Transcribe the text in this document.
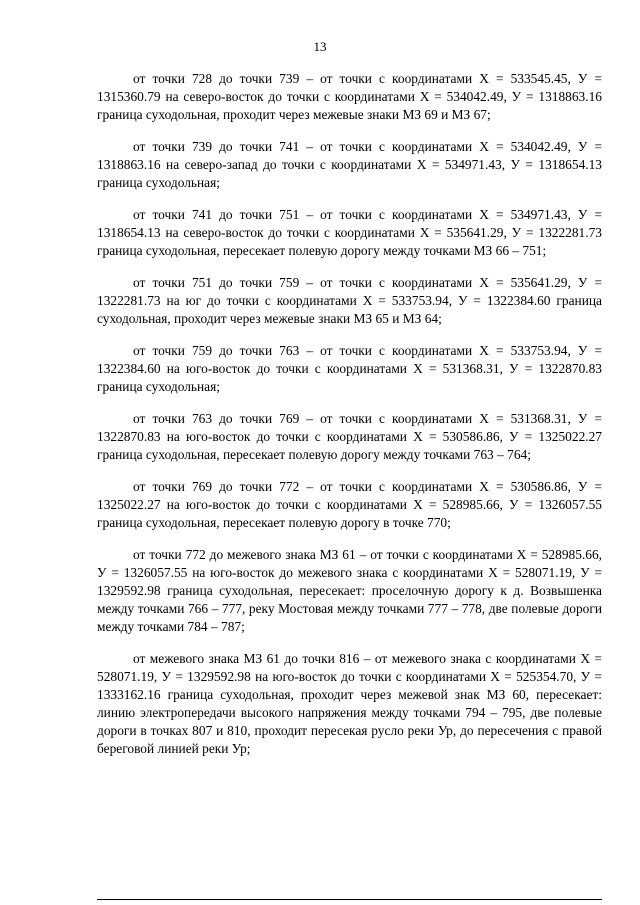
13

от точки 728 до точки 739 – от точки с координатами Х = 533545.45, У = 1315360.79 на северо-восток до точки с координатами Х = 534042.49, У = 1318863.16 граница суходольная, проходит через межевые знаки МЗ 69 и МЗ 67;

от точки 739 до точки 741 – от точки с координатами Х = 534042.49, У = 1318863.16 на северо-запад до точки с координатами Х = 534971.43, У = 1318654.13 граница суходольная;

от точки 741 до точки 751 – от точки с координатами Х = 534971.43, У = 1318654.13 на северо-восток до точки с координатами Х = 535641.29, У = 1322281.73 граница суходольная, пересекает полевую дорогу между точками МЗ 66 – 751;

от точки 751 до точки 759 – от точки с координатами Х = 535641.29, У = 1322281.73 на юг до точки с координатами Х = 533753.94, У = 1322384.60 граница суходольная, проходит через межевые знаки МЗ 65 и МЗ 64;

от точки 759 до точки 763 – от точки с координатами Х = 533753.94, У = 1322384.60 на юго-восток до точки с координатами Х = 531368.31, У = 1322870.83 граница суходольная;

от точки 763 до точки 769 – от точки с координатами Х = 531368.31, У = 1322870.83 на юго-восток до точки с координатами Х = 530586.86, У = 1325022.27 граница суходольная, пересекает полевую дорогу между точками 763 – 764;

от точки 769 до точки 772 – от точки с координатами Х = 530586.86, У = 1325022.27 на юго-восток до точки с координатами Х = 528985.66, У = 1326057.55 граница суходольная, пересекает полевую дорогу в точке 770;

от точки 772 до межевого знака МЗ 61 – от точки с координатами Х = 528985.66, У = 1326057.55 на юго-восток до межевого знака с координатами Х = 528071.19, У = 1329592.98 граница суходольная, пересекает: проселочную дорогу к д. Возвышенка между точками 766 – 777, реку Мостовая между точками 777 – 778, две полевые дороги между точками 784 – 787;

от межевого знака МЗ 61 до точки 816 – от межевого знака с координатами Х = 528071.19, У = 1329592.98 на юго-восток до точки с координатами Х = 525354.70, У = 1333162.16 граница суходольная, проходит через межевой знак МЗ 60, пересекает: линию электропередачи высокого напряжения между точками 794 – 795, две полевые дороги в точках 807 и 810, проходит пересекая русло реки Ур, до пересечения с правой береговой линией реки Ур;
